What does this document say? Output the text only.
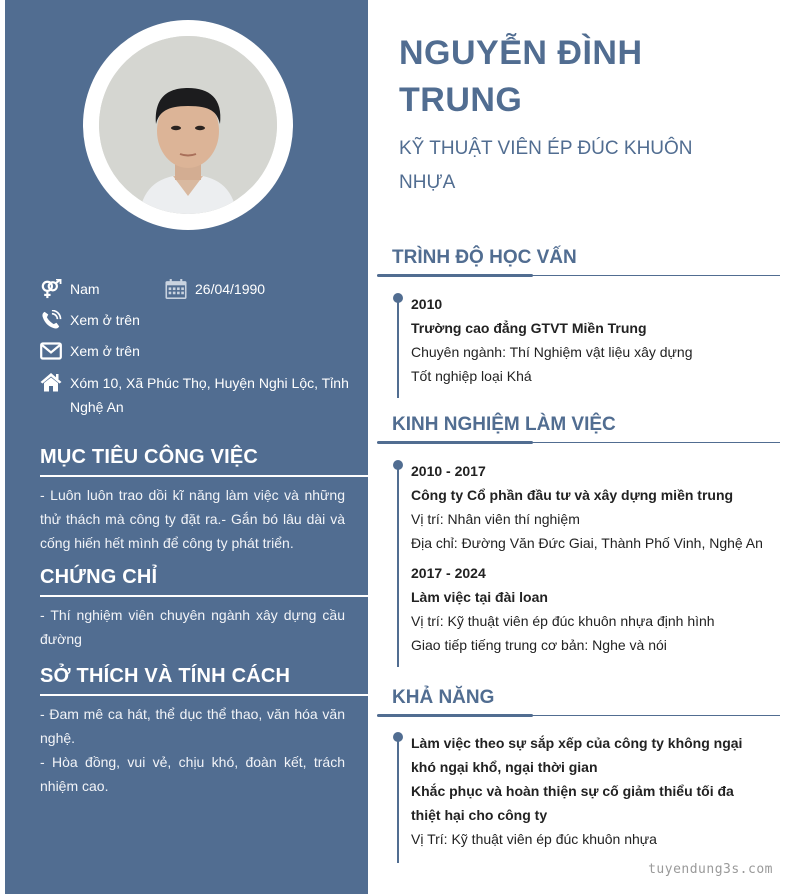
Nam	26/04/1990
Xem ở trên
Xem ở trên
Xóm 10, Xã Phúc Thọ, Huyện Nghi Lộc, Tỉnh Nghệ An
MỤC TIÊU CÔNG VIỆC

- Luôn luôn trao dồi kĩ năng làm việc và những thử thách mà công ty đặt ra.- Gắn bó lâu dài và cống hiến hết mình để công ty phát triển.

CHỨNG CHỈ

- Thí nghiệm viên chuyên ngành xây dựng cầu đường

SỞ THÍCH VÀ TÍNH CÁCH

- Đam mê ca hát, thể dục thể thao, văn hóa văn nghệ.

- Hòa đồng, vui vẻ, chịu khó, đoàn kết, trách nhiệm cao.

NGUYỄN ĐÌNH TRUNG
KỸ THUẬT VIÊN ÉP ĐÚC KHUÔN NHỰA
TRÌNH ĐỘ HỌC VẤN
2010
Trường cao đẳng GTVT Miền Trung
Chuyên ngành: Thí Nghiệm vật liệu xây dựng
Tốt nghiệp loại Khá
KINH NGHIỆM LÀM VIỆC
2010 - 2017
Công ty Cổ phần đầu tư và xây dựng miền trung
Vị trí: Nhân viên thí nghiệm
Địa chỉ: Đường Văn Đức Giai, Thành Phố Vinh, Nghệ An
2017 - 2024
Làm việc tại đài loan
Vị trí: Kỹ thuật viên ép đúc khuôn nhựa định hình
Giao tiếp tiếng trung cơ bản: Nghe và nói
KHẢ NĂNG
Làm việc theo sự sắp xếp của công ty không ngại khó ngại khổ, ngại thời gian
Khắc phục và hoàn thiện sự cố giảm thiểu tối đa thiệt hại cho công ty
Vị Trí: Kỹ thuật viên ép đúc khuôn nhựa
tuyendung3s.com
